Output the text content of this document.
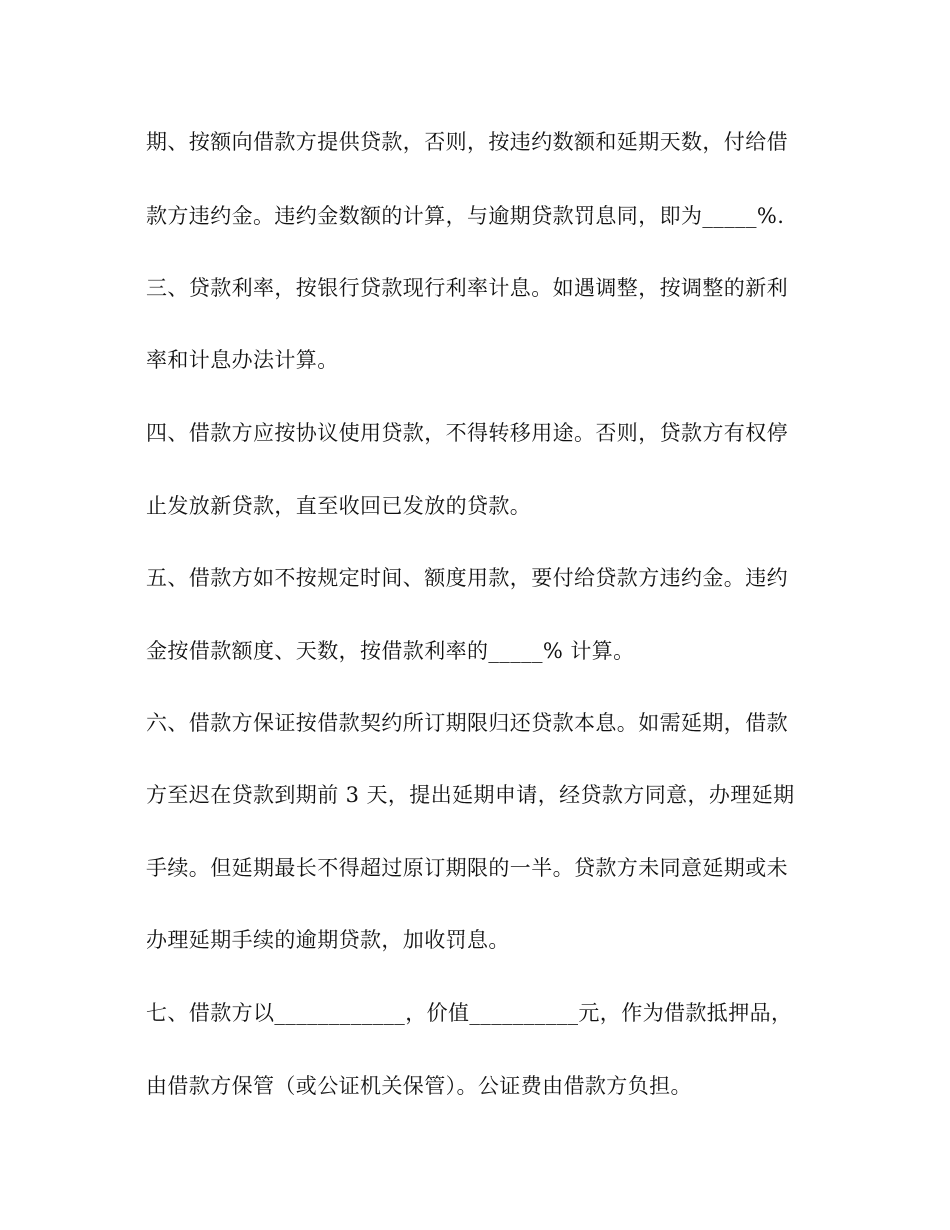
期、按额向借款方提供贷款，否则，按违约数额和延期天数，付给借
款方违约金。违约金数额的计算，与逾期贷款罚息同，即为_____%.
三、贷款利率，按银行贷款现行利率计息。如遇调整，按调整的新利
率和计息办法计算。
四、借款方应按协议使用贷款，不得转移用途。否则，贷款方有权停
止发放新贷款，直至收回已发放的贷款。
五、借款方如不按规定时间、额度用款，要付给贷款方违约金。违约
金按借款额度、天数，按借款利率的_____% 计算。
六、借款方保证按借款契约所订期限归还贷款本息。如需延期，借款
方至迟在贷款到期前 3 天，提出延期申请，经贷款方同意，办理延期
手续。但延期最长不得超过原订期限的一半。贷款方未同意延期或未
办理延期手续的逾期贷款，加收罚息。
七、借款方以____________，价值__________元，作为借款抵押品，
由借款方保管（或公证机关保管）。公证费由借款方负担。
